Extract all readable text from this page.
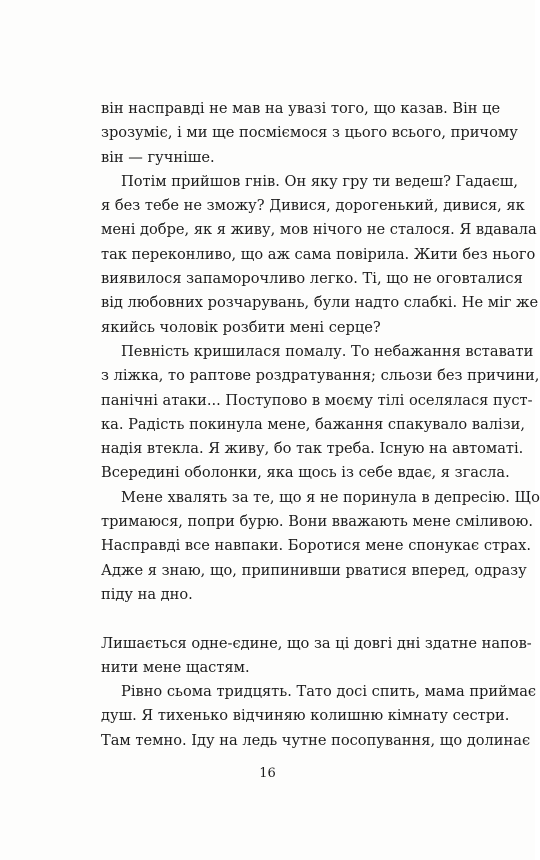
він насправді не мав на увазі того, що казав. Він це
зрозуміє, і ми ще посміємося з цього всього, причому
він — гучніше.
Потім прийшов гнів. Он яку гру ти ведеш? Гадаєш,
я без тебе не зможу? Дивися, дорогенький, дивися, як
мені добре, як я живу, мов нічого не сталося. Я вдавала
так переконливо, що аж сама повірила. Жити без нього
виявилося запаморочливо легко. Ті, що не оговталися
від любовних розчарувань, були надто слабкі. Не міг же
якийсь чоловік розбити мені серце?
Певність кришилася помалу. То небажання вставати
з ліжка, то раптове роздратування; сльози без причини,
панічні атаки... Поступово в моєму тілі оселялася пуст-
ка. Радість покинула мене, бажання спакувало валізи,
надія втекла. Я живу, бо так треба. Існую на автоматі.
Всередині оболонки, яка щось із себе вдає, я згасла.
Мене хвалять за те, що я не поринула в депресію. Що
тримаюся, попри бурю. Вони вважають мене сміливою.
Насправді все навпаки. Боротися мене спонукає страх.
Адже я знаю, що, припинивши рватися вперед, одразу
піду на дно.
Лишається одне-єдине, що за ці довгі дні здатне напов-
нити мене щастям.
Рівно сьома тридцять. Тато досі спить, мама приймає
душ. Я тихенько відчиняю колишню кімнату сестри.
Там темно. Іду на ледь чутне посопування, що долинає
16
